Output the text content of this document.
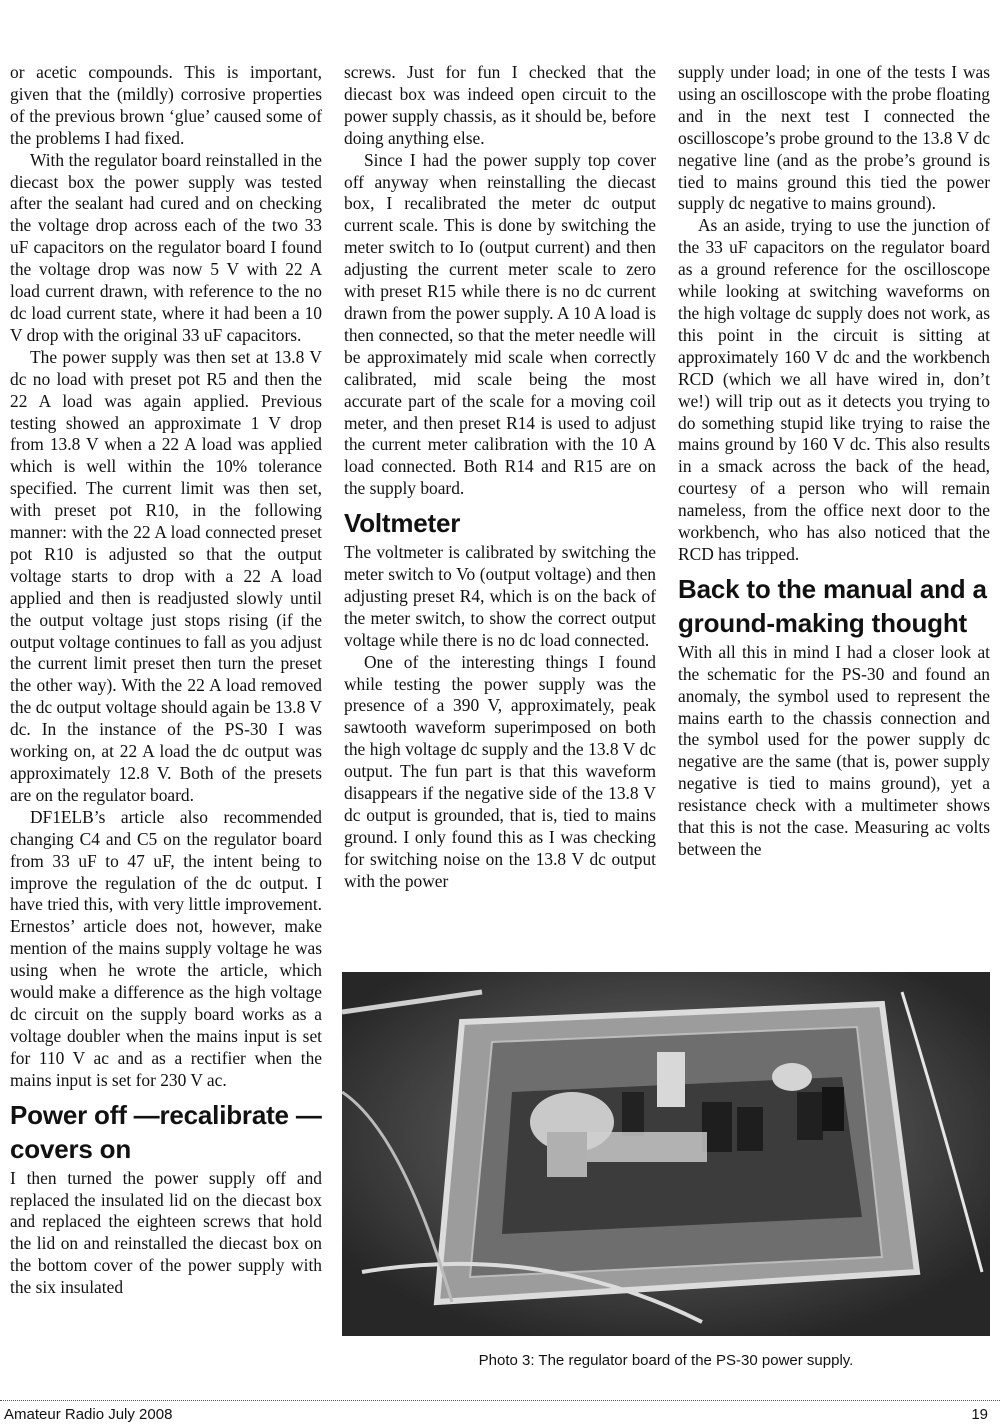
or acetic compounds. This is important, given that the (mildly) corrosive properties of the previous brown ‘glue’ caused some of the problems I had fixed.

With the regulator board reinstalled in the diecast box the power supply was tested after the sealant had cured and on checking the voltage drop across each of the two 33 uF capacitors on the regulator board I found the voltage drop was now 5 V with 22 A load current drawn, with reference to the no dc load current state, where it had been a 10 V drop with the original 33 uF capacitors.

The power supply was then set at 13.8 V dc no load with preset pot R5 and then the 22 A load was again applied. Previous testing showed an approximate 1 V drop from 13.8 V when a 22 A load was applied which is well within the 10% tolerance specified. The current limit was then set, with preset pot R10, in the following manner: with the 22 A load connected preset pot R10 is adjusted so that the output voltage starts to drop with a 22 A load applied and then is readjusted slowly until the output voltage just stops rising (if the output voltage continues to fall as you adjust the current limit preset then turn the preset the other way). With the 22 A load removed the dc output voltage should again be 13.8 V dc. In the instance of the PS-30 I was working on, at 22 A load the dc output was approximately 12.8 V. Both of the presets are on the regulator board.

DF1ELB’s article also recommended changing C4 and C5 on the regulator board from 33 uF to 47 uF, the intent being to improve the regulation of the dc output. I have tried this, with very little improvement. Ernestos’ article does not, however, make mention of the mains supply voltage he was using when he wrote the article, which would make a difference as the high voltage dc circuit on the supply board works as a voltage doubler when the mains input is set for 110 V ac and as a rectifier when the mains input is set for 230 V ac.

Power off —recalibrate — covers on

I then turned the power supply off and replaced the insulated lid on the diecast box and replaced the eighteen screws that hold the lid on and reinstalled the diecast box on the bottom cover of the power supply with the six insulated

screws. Just for fun I checked that the diecast box was indeed open circuit to the power supply chassis, as it should be, before doing anything else.

Since I had the power supply top cover off anyway when reinstalling the diecast box, I recalibrated the meter dc output current scale. This is done by switching the meter switch to Io (output current) and then adjusting the current meter scale to zero with preset R15 while there is no dc current drawn from the power supply. A 10 A load is then connected, so that the meter needle will be approximately mid scale when correctly calibrated, mid scale being the most accurate part of the scale for a moving coil meter, and then preset R14 is used to adjust the current meter calibration with the 10 A load connected. Both R14 and R15 are on the supply board.

Voltmeter

The voltmeter is calibrated by switching the meter switch to Vo (output voltage) and then adjusting preset R4, which is on the back of the meter switch, to show the correct output voltage while there is no dc load connected.

One of the interesting things I found while testing the power supply was the presence of a 390 V, approximately, peak sawtooth waveform superimposed on both the high voltage dc supply and the 13.8 V dc output. The fun part is that this waveform disappears if the negative side of the 13.8 V dc output is grounded, that is, tied to mains ground. I only found this as I was checking for switching noise on the 13.8 V dc output with the power

supply under load; in one of the tests I was using an oscilloscope with the probe floating and in the next test I connected the oscilloscope’s probe ground to the 13.8 V dc negative line (and as the probe’s ground is tied to mains ground this tied the power supply dc negative to mains ground).

As an aside, trying to use the junction of the 33 uF capacitors on the regulator board as a ground reference for the oscilloscope while looking at switching waveforms on the high voltage dc supply does not work, as this point in the circuit is sitting at approximately 160 V dc and the workbench RCD (which we all have wired in, don’t we!) will trip out as it detects you trying to do something stupid like trying to raise the mains ground by 160 V dc. This also results in a smack across the back of the head, courtesy of a person who will remain nameless, from the office next door to the workbench, who has also noticed that the RCD has tripped.

Back to the manual and a ground-making thought

With all this in mind I had a closer look at the schematic for the PS-30 and found an anomaly, the symbol used to represent the mains earth to the chassis connection and the symbol used for the power supply dc negative are the same (that is, power supply negative is tied to mains ground), yet a resistance check with a multimeter shows that this is not the case. Measuring ac volts between the

Photo 3: The regulator board of the PS-30 power supply.
Amateur Radio July 2008	19
